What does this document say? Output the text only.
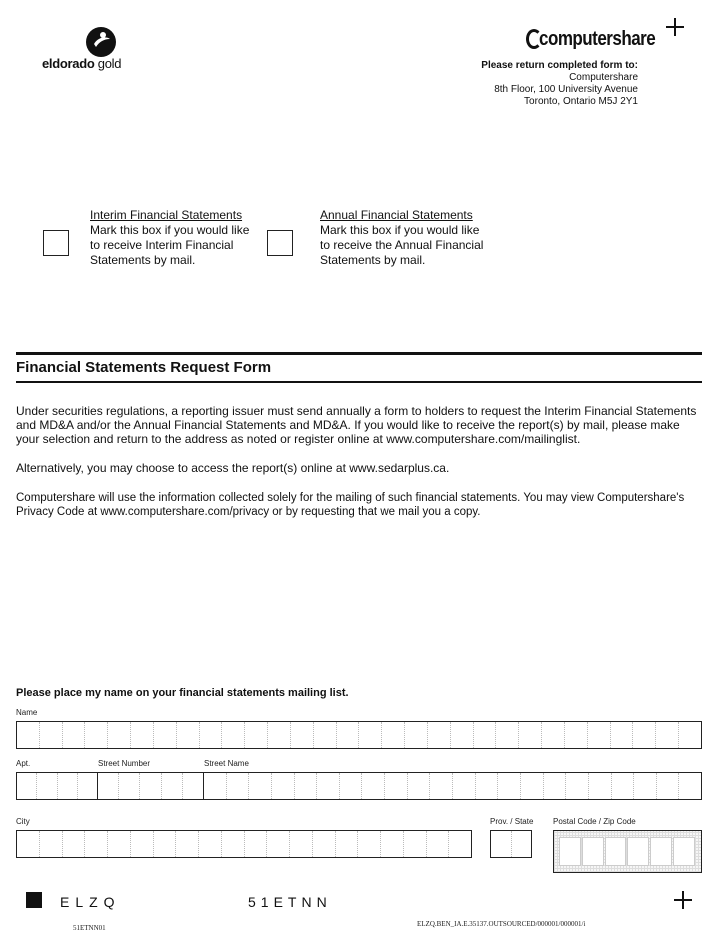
eldorado gold
computershare
Please return completed form to:
Computershare
8th Floor, 100 University Avenue
Toronto, Ontario M5J 2Y1
Interim Financial Statements
Mark this box if you would like to receive Interim Financial Statements by mail.
Annual Financial Statements
Mark this box if you would like to receive the Annual Financial Statements by mail.
Financial Statements Request Form
Under securities regulations, a reporting issuer must send annually a form to holders to request the Interim Financial Statements and MD&A and/or the Annual Financial Statements and MD&A. If you would like to receive the report(s) by mail, please make your selection and return to the address as noted or register online at www.computershare.com/mailinglist.
Alternatively, you may choose to access the report(s) online at www.sedarplus.ca.
Computershare will use the information collected solely for the mailing of such financial statements. You may view Computershare's Privacy Code at www.computershare.com/privacy or by requesting that we mail you a copy.
Please place my name on your financial statements mailing list.
Name
Apt.	Street Number	Street Name
City	Prov. / State Postal Code / Zip Code
ELZQ	51ETNN
51ETNN01	ELZQ.BEN_IA.E.35137.OUTSOURCED/000001/000001/i
